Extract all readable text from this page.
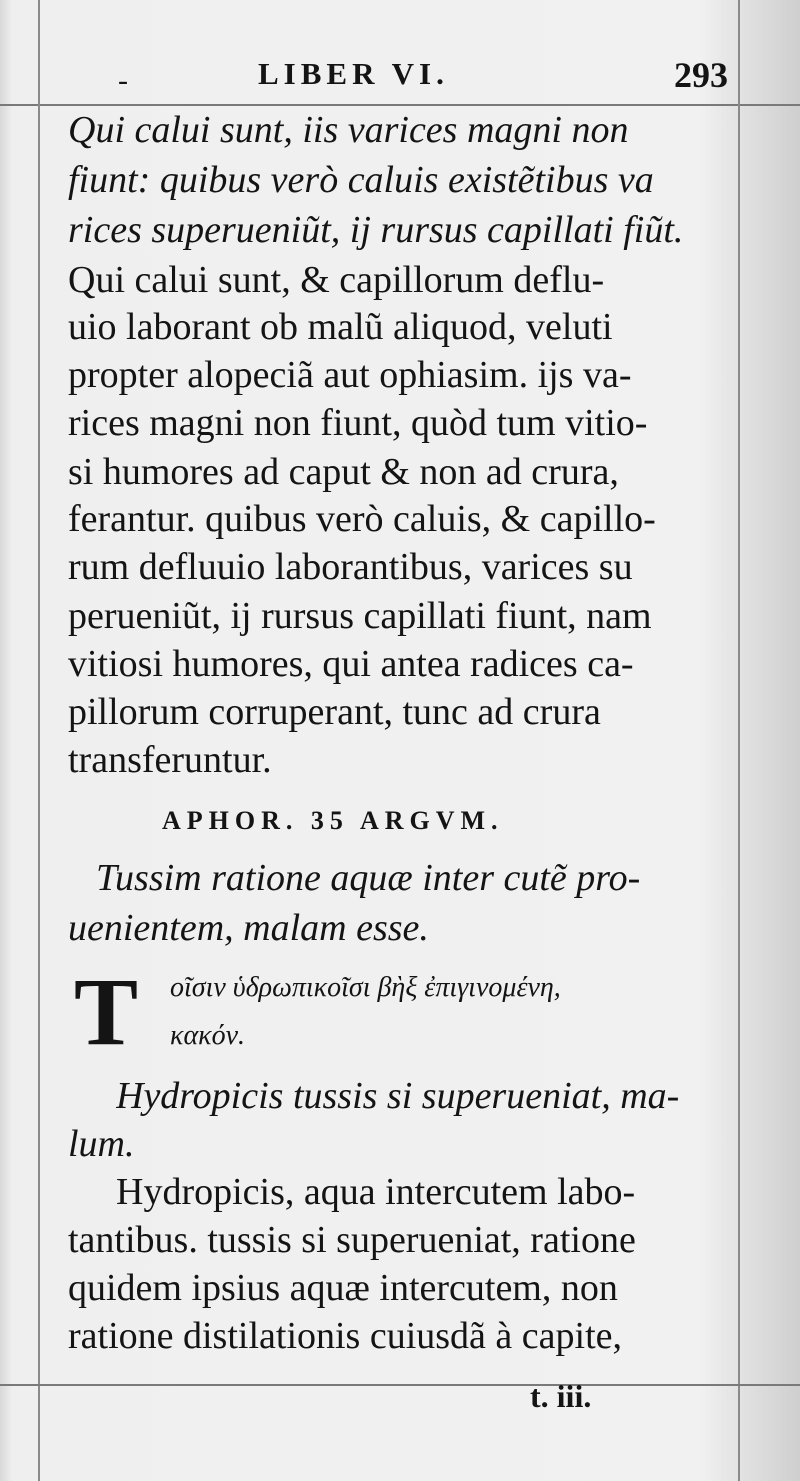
-	LIBER VI.	293
Qui calui sunt, iis varices magni non
fiunt: quibus verò caluis existẽtibus va
rices superueniũt, ij rursus capillati fiũt.
Qui calui sunt, & capillorum deflu-
uio laborant ob malũ aliquod, veluti
propter alopeciã aut ophiasim. ijs va-
rices magni non fiunt, quòd tum vitio-
si humores ad caput & non ad crura,
ferantur. quibus verò caluis, & capillo-
rum defluuio laborantibus, varices su
perueniũt, ij rursus capillati fiunt, nam
vitiosi humores, qui antea radices ca-
pillorum corruperant, tunc ad crura
transferuntur.
APHOR. 35 ARGVM.
Tussim ratione aquæ inter cutẽ pro-
uenientem, malam esse.
T οῖσιν ὑδρωπικοῖσι βὴξ ἐπιγινομένη,
κακόν.
Hydropicis tussis si superueniat, ma-
lum.
Hydropicis, aqua intercutem labo-
tantibus. tussis si superueniat, ratione
quidem ipsius aquæ intercutem, non
ratione distilationis cuiusdã à capite,
t. iii.
